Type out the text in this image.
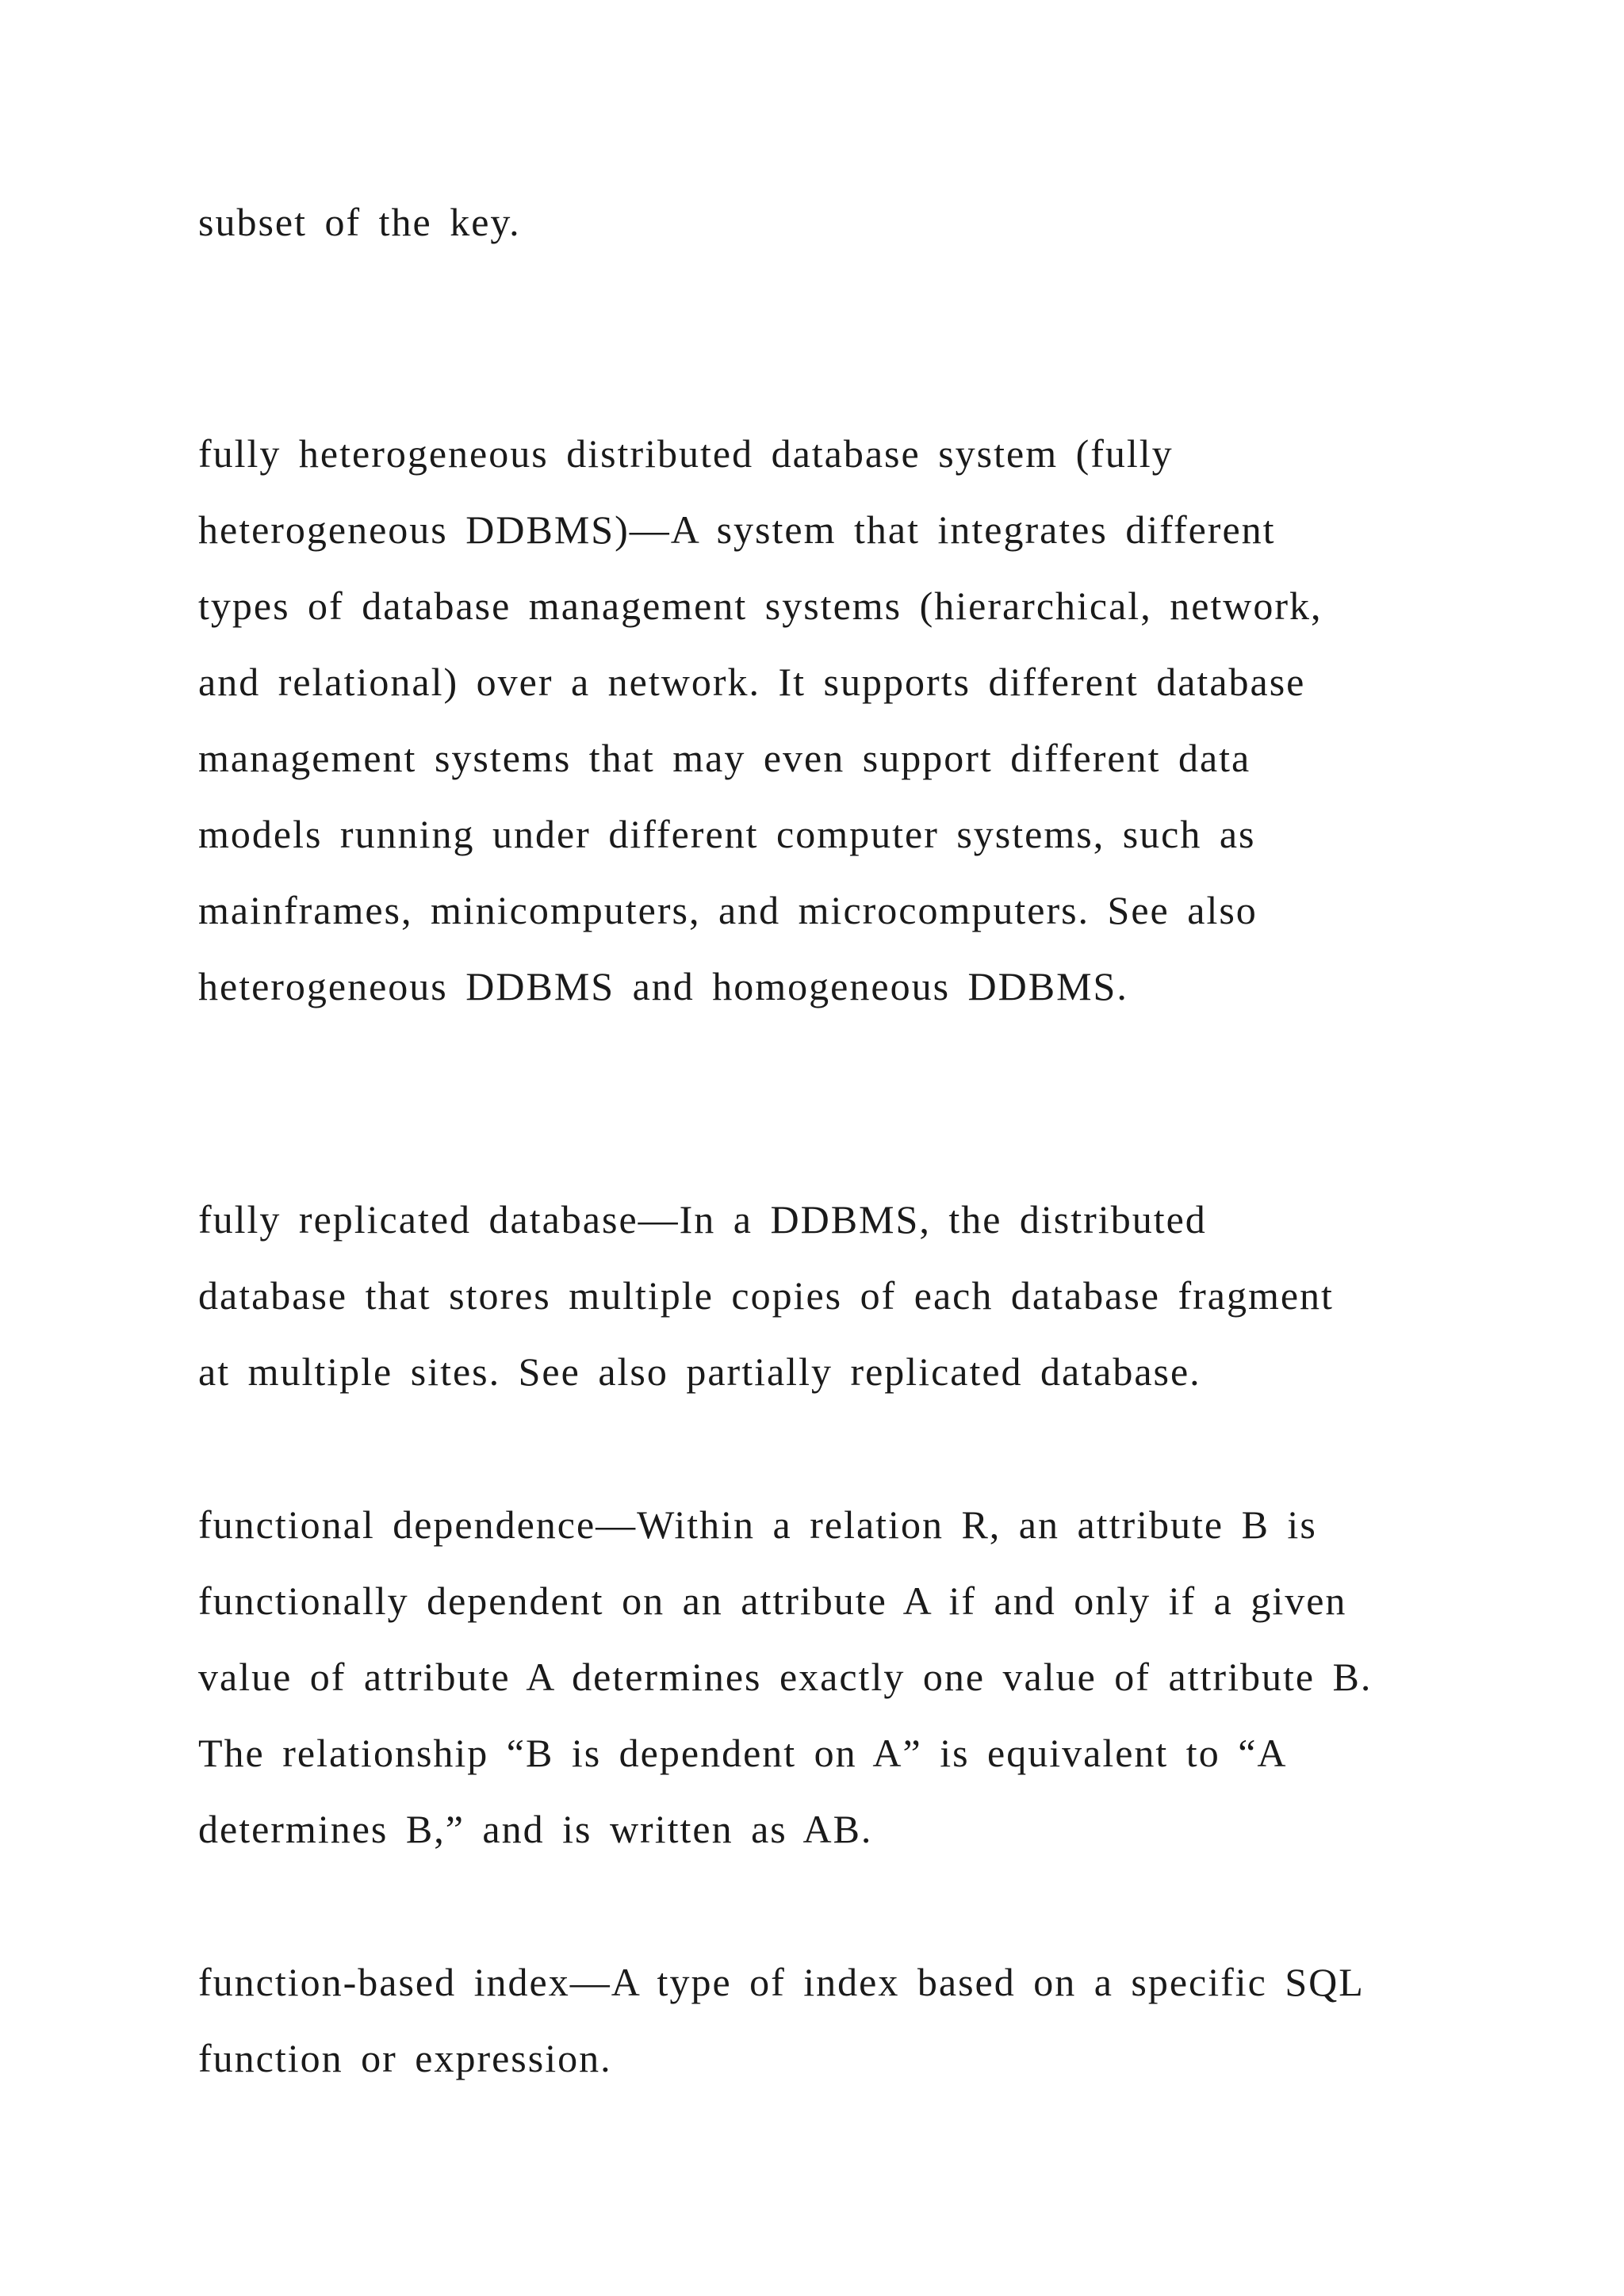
subset of the key.

fully heterogeneous distributed database system (fully

heterogeneous DDBMS)—A system that integrates different

types of database management systems (hierarchical, network,

and relational) over a network. It supports different database

management systems that may even support different data

models running under different computer systems, such as

mainframes, minicomputers, and microcomputers. See also

heterogeneous DDBMS and homogeneous DDBMS.

fully replicated database—In a DDBMS, the distributed

database that stores multiple copies of each database fragment

at multiple sites. See also partially replicated database.

functional dependence—Within a relation R, an attribute B is

functionally dependent on an attribute A if and only if a given

value of attribute A determines exactly one value of attribute B.

The relationship “B is dependent on A” is equivalent to “A

determines B,” and is written as AB.

function-based index—A type of index based on a specific SQL

function or expression.
